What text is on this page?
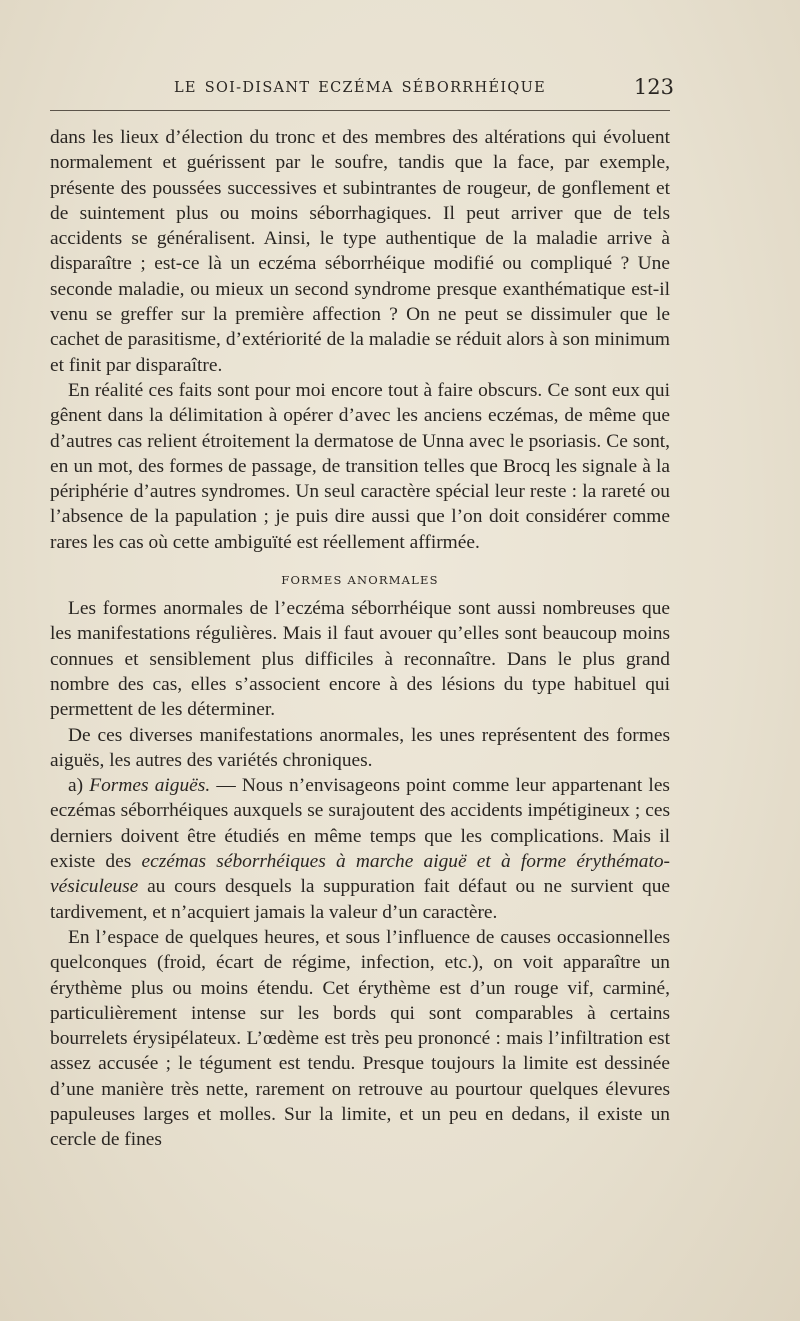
LE SOI-DISANT ECZÉMA SÉBORRHÉIQUE	123

dans les lieux d’élection du tronc et des membres des altérations qui évoluent normalement et guérissent par le soufre, tandis que la face, par exemple, présente des poussées successives et subintrantes de rougeur, de gonflement et de suintement plus ou moins séborrhagiques. Il peut arriver que de tels accidents se généralisent. Ainsi, le type authentique de la maladie arrive à disparaître ; est-ce là un eczéma séborrhéique modifié ou compliqué ? Une seconde maladie, ou mieux un second syndrome presque exanthématique est-il venu se greffer sur la première affection ? On ne peut se dissimuler que le cachet de parasitisme, d’extériorité de la maladie se réduit alors à son minimum et finit par disparaître.

En réalité ces faits sont pour moi encore tout à faire obscurs. Ce sont eux qui gênent dans la délimitation à opérer d’avec les anciens eczémas, de même que d’autres cas relient étroitement la dermatose de Unna avec le psoriasis. Ce sont, en un mot, des formes de passage, de transition telles que Brocq les signale à la périphérie d’autres syndromes. Un seul caractère spécial leur reste : la rareté ou l’absence de la papulation ; je puis dire aussi que l’on doit considérer comme rares les cas où cette ambiguïté est réellement affirmée.

FORMES ANORMALES

Les formes anormales de l’eczéma séborrhéique sont aussi nombreuses que les manifestations régulières. Mais il faut avouer qu’elles sont beaucoup moins connues et sensiblement plus difficiles à reconnaître. Dans le plus grand nombre des cas, elles s’associent encore à des lésions du type habituel qui permettent de les déterminer.

De ces diverses manifestations anormales, les unes représentent des formes aiguës, les autres des variétés chroniques.

a) Formes aiguës. — Nous n’envisageons point comme leur appartenant les eczémas séborrhéiques auxquels se surajoutent des accidents impétigineux ; ces derniers doivent être étudiés en même temps que les complications. Mais il existe des eczémas séborrhéiques à marche aiguë et à forme érythémato-vésiculeuse au cours desquels la suppuration fait défaut ou ne survient que tardivement, et n’acquiert jamais la valeur d’un caractère.

En l’espace de quelques heures, et sous l’influence de causes occasionnelles quelconques (froid, écart de régime, infection, etc.), on voit apparaître un érythème plus ou moins étendu. Cet érythème est d’un rouge vif, carminé, particulièrement intense sur les bords qui sont comparables à certains bourrelets érysipélateux. L’œdème est très peu prononcé : mais l’infiltration est assez accusée ; le tégument est tendu. Presque toujours la limite est dessinée d’une manière très nette, rarement on retrouve au pourtour quelques élevures papuleuses larges et molles. Sur la limite, et un peu en dedans, il existe un cercle de fines
